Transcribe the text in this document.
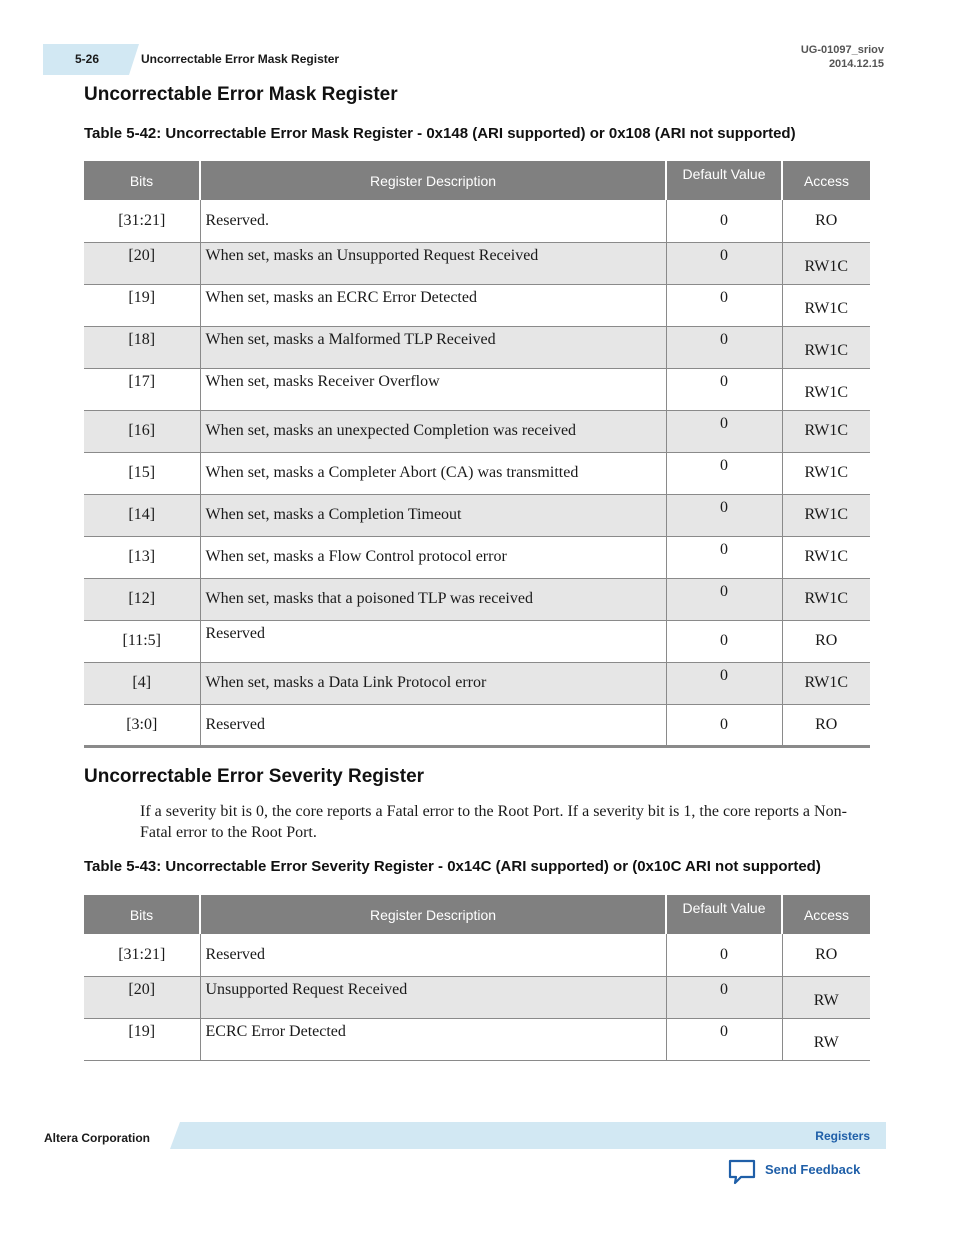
5-26	Uncorrectable Error Mask Register
UG-01097_sriov
2014.12.15
Uncorrectable Error Mask Register
Table 5-42: Uncorrectable Error Mask Register - 0x148 (ARI supported) or 0x108 (ARI not supported)
Bits	Register Description	Default Value	Access
[31:21]	Reserved.	0	RO
[20]	When set, masks an Unsupported Request Received	0	RW1C
[19]	When set, masks an ECRC Error Detected	0	RW1C
[18]	When set, masks a Malformed TLP Received	0	RW1C
[17]	When set, masks Receiver Overflow	0	RW1C
[16]	When set, masks an unexpected Completion was received	0	RW1C
[15]	When set, masks a Completer Abort (CA) was transmitted	0	RW1C
[14]	When set, masks a Completion Timeout	0	RW1C
[13]	When set, masks a Flow Control protocol error	0	RW1C
[12]	When set, masks that a poisoned TLP was received	0	RW1C
[11:5]	Reserved	0	RO
[4]	When set, masks a Data Link Protocol error	0	RW1C
[3:0]	Reserved	0	RO
Uncorrectable Error Severity Register
If a severity bit is 0, the core reports a Fatal error to the Root Port. If a severity bit is 1, the core reports a Non-Fatal error to the Root Port.
Table 5-43: Uncorrectable Error Severity Register - 0x14C (ARI supported) or (0x10C ARI not supported)
Bits	Register Description	Default Value	Access
[31:21]	Reserved	0	RO
[20]	Unsupported Request Received	0	RW
[19]	ECRC Error Detected	0	RW
Altera Corporation	Registers
Send Feedback
